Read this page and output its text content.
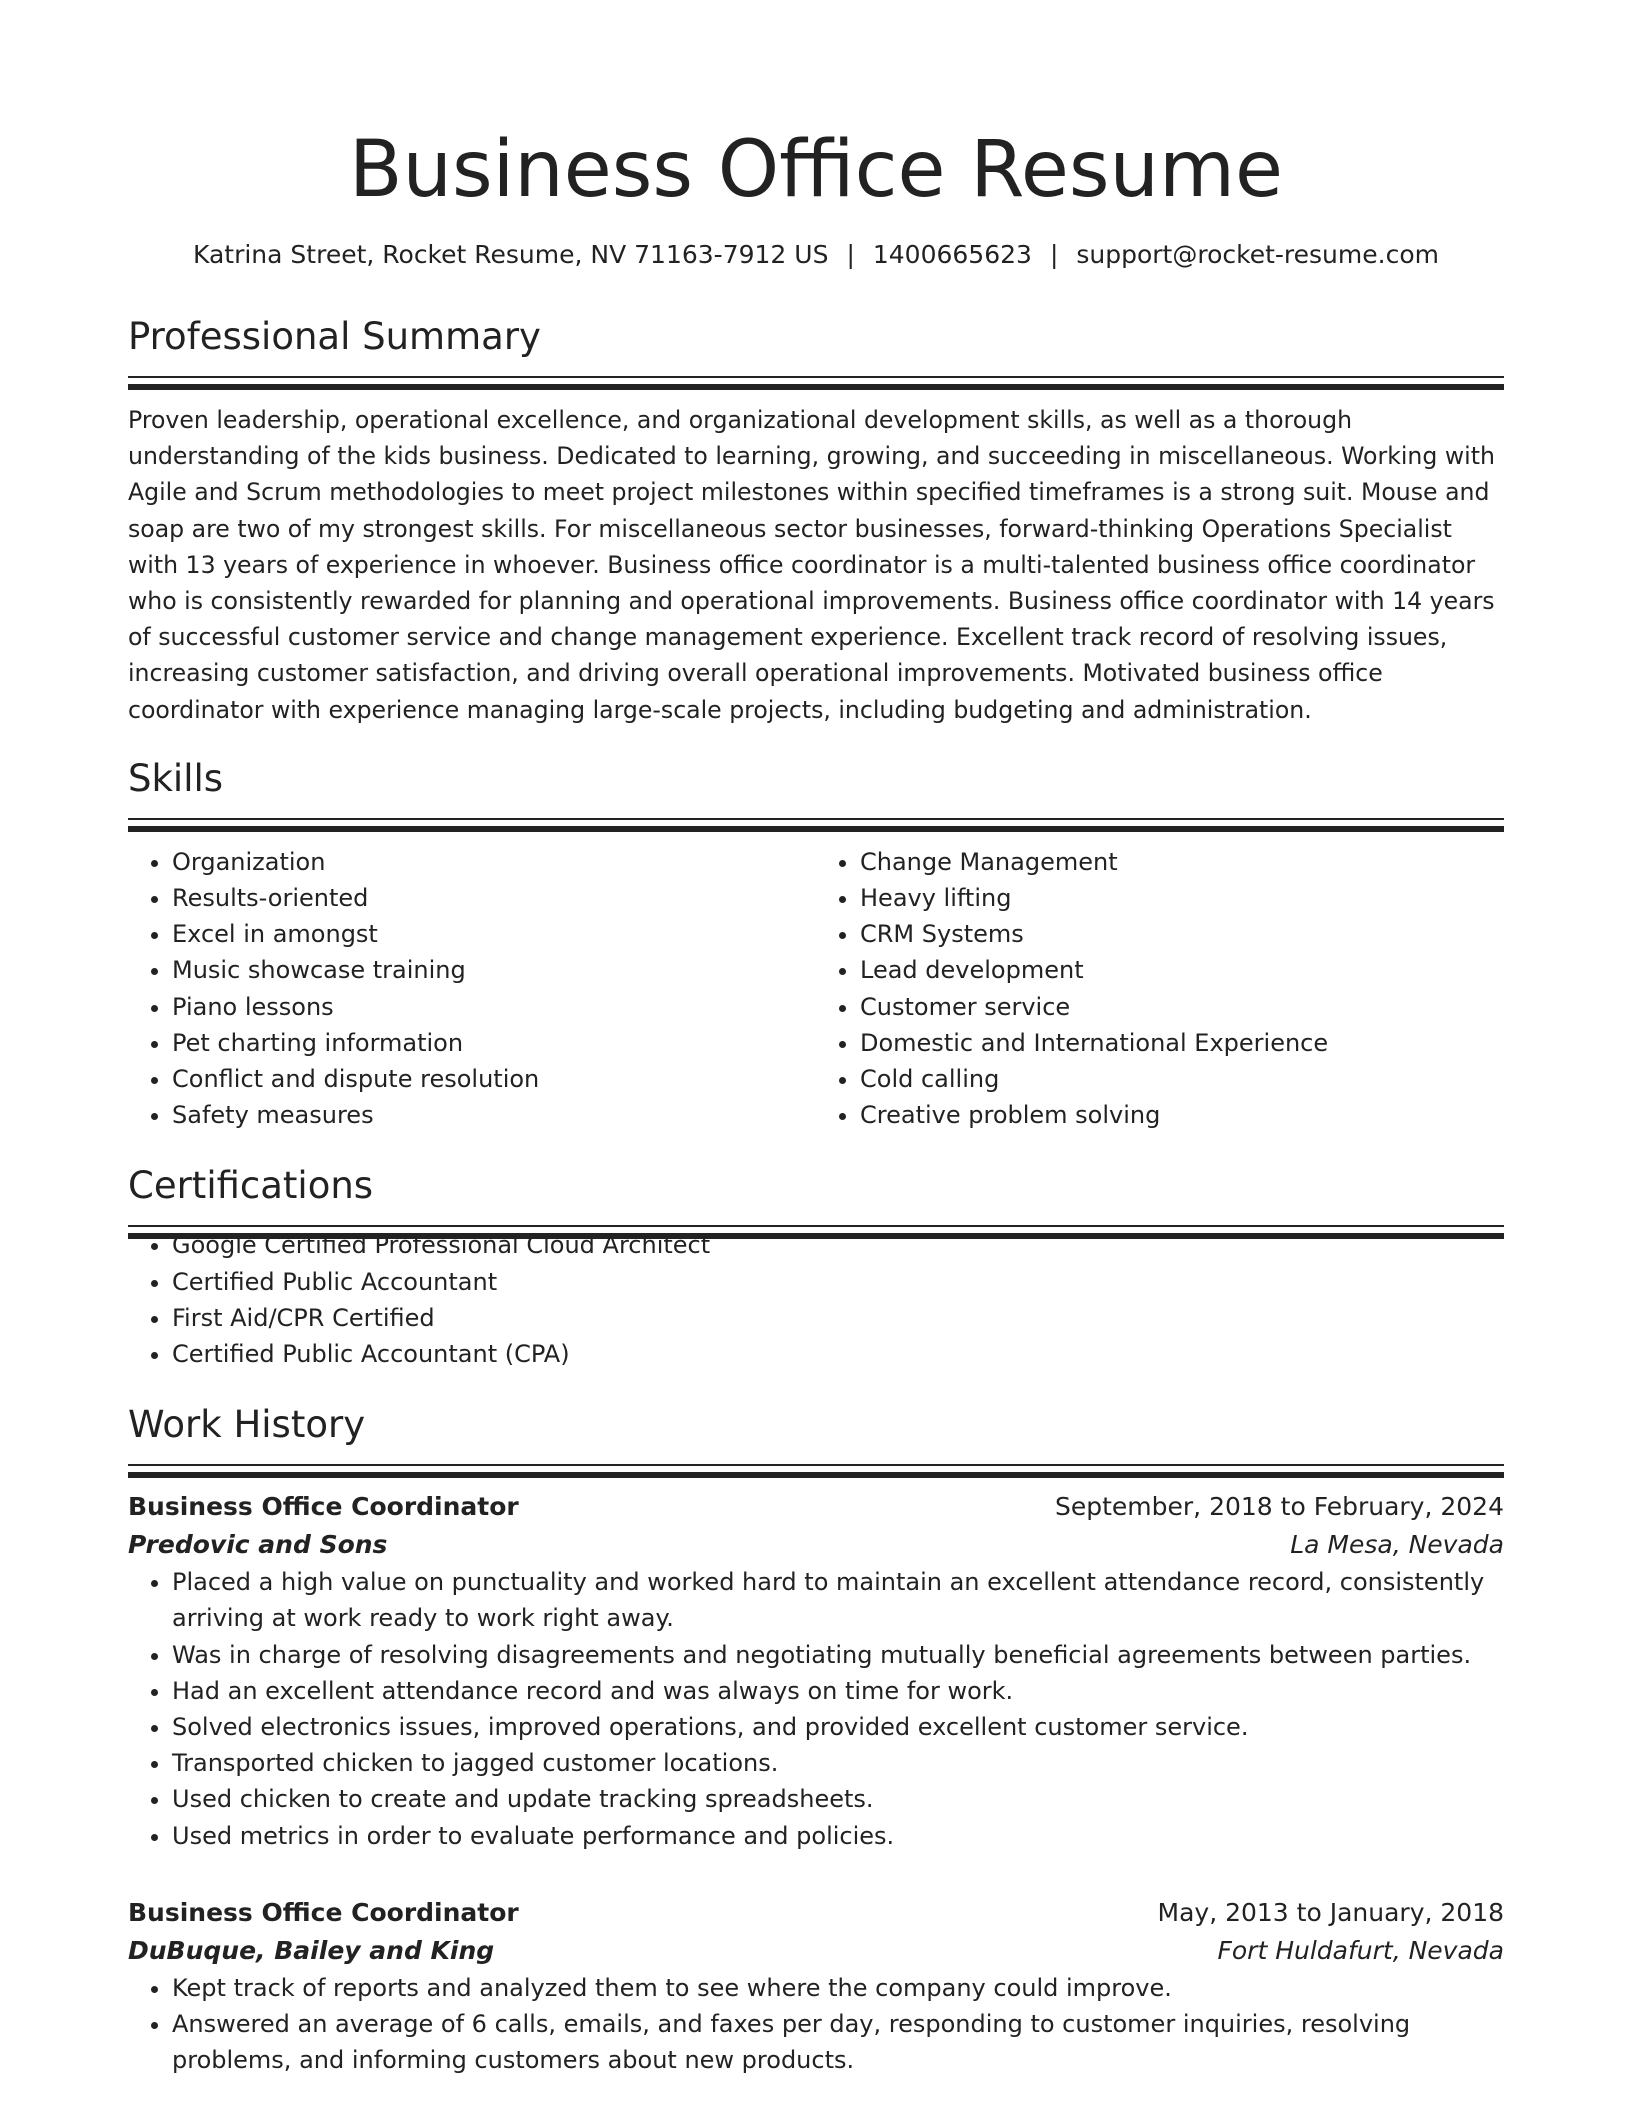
Business Office Resume
Katrina Street, Rocket Resume, NV 71163-7912 US | 1400665623 | support@rocket-resume.com
Professional Summary

Proven leadership, operational excellence, and organizational development skills, as well as a thorough understanding of the kids business. Dedicated to learning, growing, and succeeding in miscellaneous. Working with Agile and Scrum methodologies to meet project milestones within specified timeframes is a strong suit. Mouse and soap are two of my strongest skills. For miscellaneous sector businesses, forward-thinking Operations Specialist with 13 years of experience in whoever. Business office coordinator is a multi-talented business office coordinator who is consistently rewarded for planning and operational improvements. Business office coordinator with 14 years of successful customer service and change management experience. Excellent track record of resolving issues, increasing customer satisfaction, and driving overall operational improvements. Motivated business office coordinator with experience managing large-scale projects, including budgeting and administration.

Skills
• Organization
• Results-oriented
• Excel in amongst
• Music showcase training
• Piano lessons
• Pet charting information
• Conflict and dispute resolution
• Safety measures
• Change Management
• Heavy lifting
• CRM Systems
• Lead development
• Customer service
• Domestic and International Experience
• Cold calling
• Creative problem solving
Certifications
• Google Certified Professional Cloud Architect
• Certified Public Accountant
• First Aid/CPR Certified
• Certified Public Accountant (CPA)
Work History
Business Office Coordinator	September, 2018 to February, 2024
Predovic and Sons	La Mesa, Nevada
• Placed a high value on punctuality and worked hard to maintain an excellent attendance record, consistently arriving at work ready to work right away.
• Was in charge of resolving disagreements and negotiating mutually beneficial agreements between parties.
• Had an excellent attendance record and was always on time for work.
• Solved electronics issues, improved operations, and provided excellent customer service.
• Transported chicken to jagged customer locations.
• Used chicken to create and update tracking spreadsheets.
• Used metrics in order to evaluate performance and policies.
Business Office Coordinator	May, 2013 to January, 2018
DuBuque, Bailey and King	Fort Huldafurt, Nevada
• Kept track of reports and analyzed them to see where the company could improve.
• Answered an average of 6 calls, emails, and faxes per day, responding to customer inquiries, resolving problems, and informing customers about new products.
